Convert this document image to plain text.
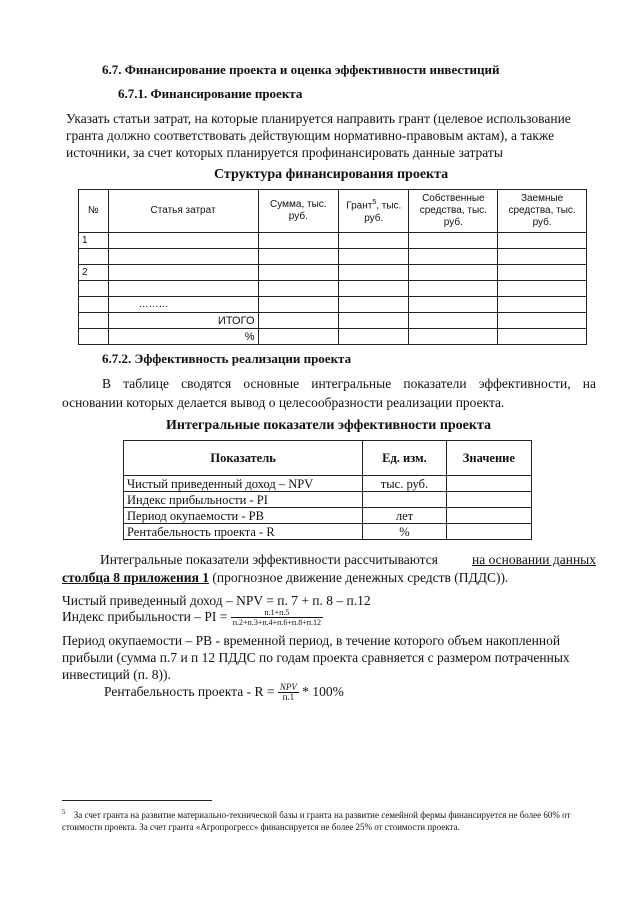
6.7. Финансирование проекта и оценка эффективности инвестиций
6.7.1. Финансирование проекта
Указать статьи затрат, на которые планируется направить грант (целевое использование
гранта должно соответствовать действующим нормативно-правовым актам), а также
источники, за счет которых планируется профинансировать данные затраты
Структура финансирования проекта
№	Статья затрат	Сумма, тыс. руб.	Грант$^5$, тыс. руб.	Собственные средства, тыс. руб.	Заемные средства, тыс. руб.
1					

2					

	………				
	ИТОГО				
	%				
6.7.2. Эффективность реализации проекта
В таблице сводятся основные интегральные показатели эффективности, на
основании которых делается вывод о целесообразности реализации проекта.
Интегральные показатели эффективности проекта
Показатель	Ед. изм.	Значение
Чистый приведенный доход – NPV	тыс. руб.	
Индекс прибыльности - PI		
Период окупаемости - PB	лет	
Рентабельность проекта - R	%	
Интегральные показатели эффективности рассчитываются	на основании данных
столбца 8 приложения 1 (прогнозное движение денежных средств (ПДДС)).
Чистый приведенный доход – NPV = п. 7 + п. 8 – п.12
Индекс прибыльности – PI = $\frac{п.1+п.5}{п.2+п.3+п.4+п.6+п.8+п.12}$
Период окупаемости – PB - временной период, в течение которого объем накопленной
прибыли (сумма п.7 и п 12 ПДДС по годам проекта сравняется с размером потраченных
инвестиций (п. 8)).
Рентабельность проекта - $R = \frac{\text{NPV}}{п.1} * 100\%$
$^5$ За счет гранта на развитие материально-технической базы и гранта на развитие семейной фермы финансируется не более 60% от стоимости проекта. За счет гранта «Агропрогресс» финансируется не более 25% от стоимости проекта.
